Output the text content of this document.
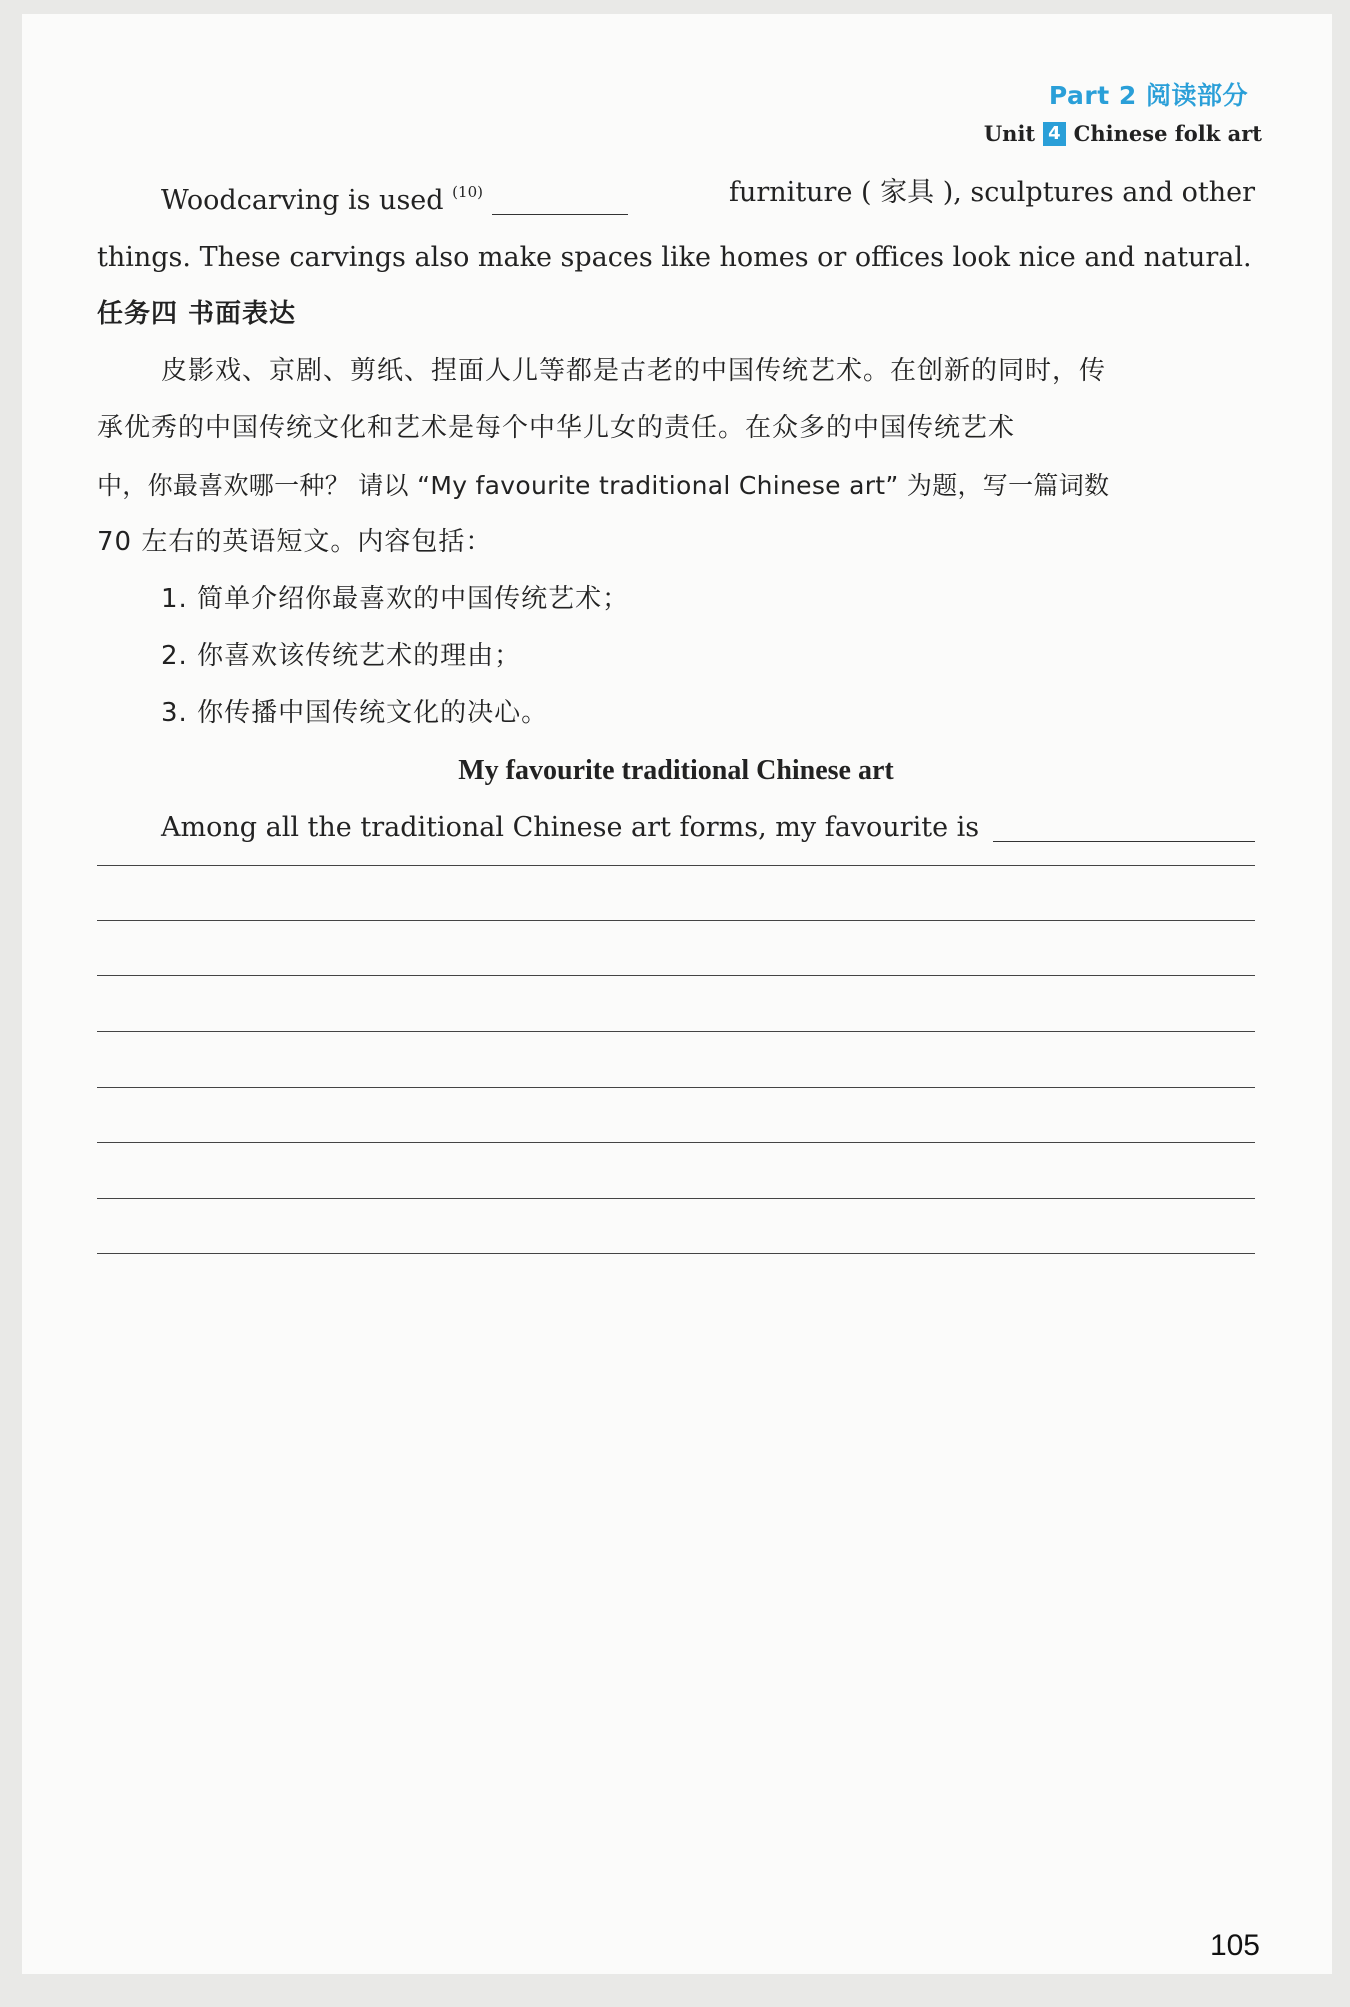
Part 2 阅读部分
Unit 4 Chinese folk art
Woodcarving is used $^{(10)}$	furniture ( 家具 ), sculptures and other
things. These carvings also make spaces like homes or offices look nice and natural.
任务四 书面表达
皮影戏、京剧、剪纸、捏面人儿等都是古老的中国传统艺术。在创新的同时，传
承优秀的中国传统文化和艺术是每个中华儿女的责任。在众多的中国传统艺术
中，你最喜欢哪一种？ 请以 “My favourite traditional Chinese art” 为题，写一篇词数
70 左右的英语短文。内容包括：
1. 简单介绍你最喜欢的中国传统艺术；
2. 你喜欢该传统艺术的理由；
3. 你传播中国传统文化的决心。
My favourite traditional Chinese art
Among all the traditional Chinese art forms, my favourite is
105
